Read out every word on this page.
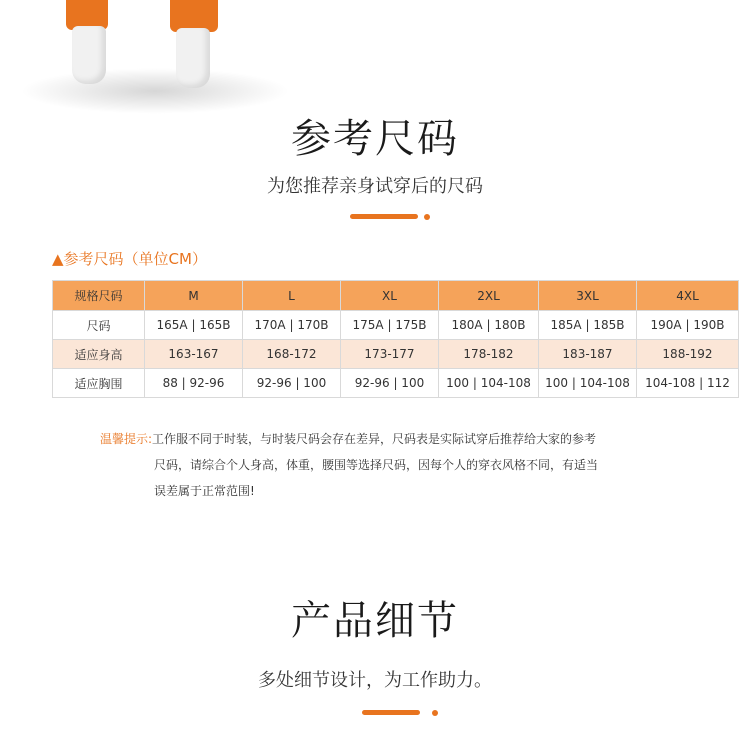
参考尺码
为您推荐亲身试穿后的尺码
▲参考尺码（单位CM）
规格尺码	M	L	XL	2XL	3XL	4XL
尺码	165A | 165B	170A | 170B	175A | 175B	180A | 180B	185A | 185B	190A | 190B
适应身高	163-167	168-172	173-177	178-182	183-187	188-192
适应胸围	88 | 92-96	92-96 | 100	92-96 | 100	100 | 104-108	100 | 104-108	104-108 | 112
温馨提示:工作服不同于时装，与时装尺码会存在差异，尺码表是实际试穿后推荐给大家的参考
尺码，请综合个人身高，体重，腰围等选择尺码，因每个人的穿衣风格不同，有适当
误差属于正常范围!
产品细节
多处细节设计，为工作助力。
